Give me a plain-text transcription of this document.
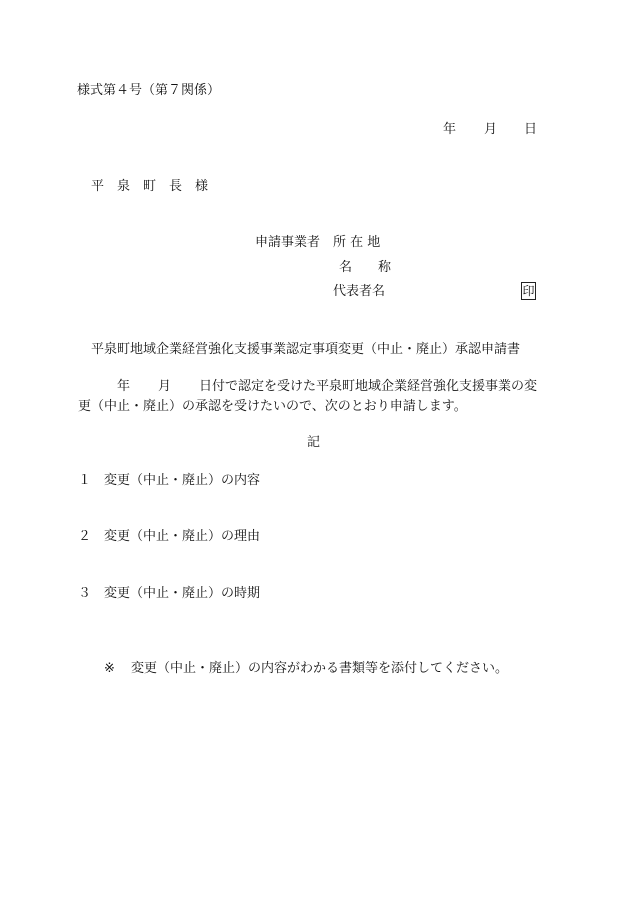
様式第４号（第７関係）
年 月 日
平　泉　町　長　様
申請事業者 所 在 地
名　　称
代表者名	印
平泉町地域企業経営強化支援事業認定事項変更（中止・廃止）承認申請書
年 月 日付で認定を受けた平泉町地域企業経営強化支援事業の変
更（中止・廃止）の承認を受けたいので、次のとおり申請します。
記
１ 変更（中止・廃止）の内容
２ 変更（中止・廃止）の理由
３ 変更（中止・廃止）の時期
※ 変更（中止・廃止）の内容がわかる書類等を添付してください。
